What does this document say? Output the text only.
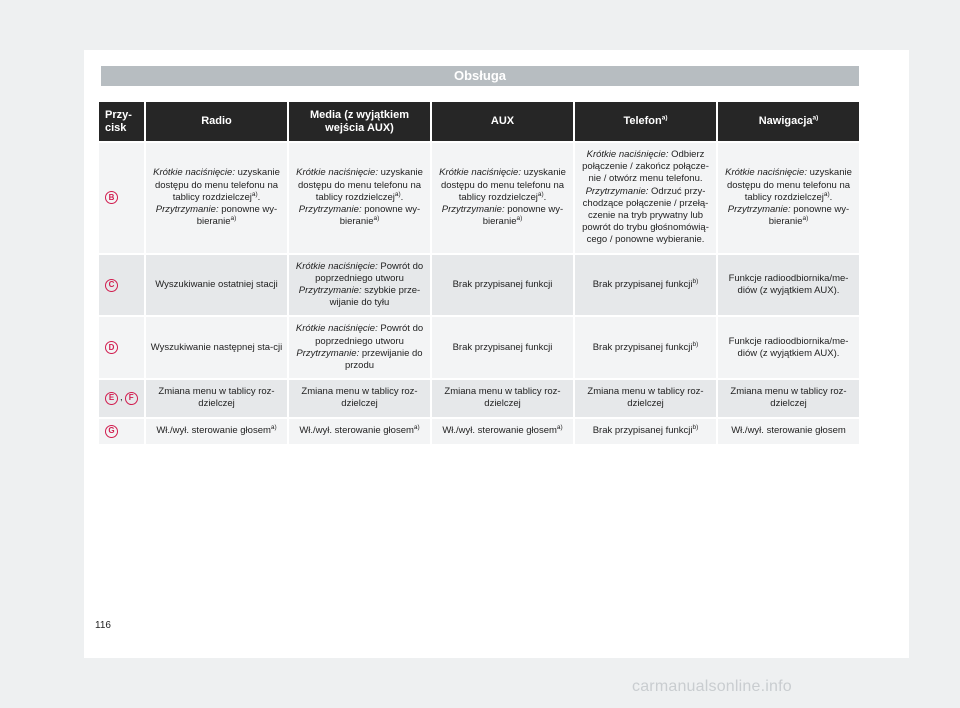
Obsługa
Przy-
cisk	Radio	Media (z wyjątkiem wejścia AUX)	AUX	Telefon$^{a)}$	Nawigacja$^{a)}$
B	Krótkie naciśnięcie: uzyskanie dostępu do menu telefonu na tablicy rozdzielczej$^{a)}$.
Przytrzymanie: ponowne wy-bieranie$^{a)}$	Krótkie naciśnięcie: uzyskanie dostępu do menu telefonu na tablicy rozdzielczej$^{a)}$.
Przytrzymanie: ponowne wy-bieranie$^{a)}$	Krótkie naciśnięcie: uzyskanie dostępu do menu telefonu na tablicy rozdzielczej$^{a)}$.
Przytrzymanie: ponowne wy-bieranie$^{a)}$	Krótkie naciśnięcie: Odbierz połączenie / zakończ połącze-nie / otwórz menu telefonu.
Przytrzymanie: Odrzuć przy-chodzące połączenie / przełą-czenie na tryb prywatny lub powrót do trybu głośnomówią-cego / ponowne wybieranie.	Krótkie naciśnięcie: uzyskanie dostępu do menu telefonu na tablicy rozdzielczej$^{a)}$.
Przytrzymanie: ponowne wy-bieranie$^{a)}$
C	Wyszukiwanie ostatniej stacji	Krótkie naciśnięcie: Powrót do poprzedniego utworu
Przytrzymanie: szybkie prze-wijanie do tyłu	Brak przypisanej funkcji	Brak przypisanej funkcji$^{b)}$	Funkcje radioodbiornika/me-diów (z wyjątkiem AUX).
D	Wyszukiwanie następnej sta-cji	Krótkie naciśnięcie: Powrót do poprzedniego utworu
Przytrzymanie: przewijanie do przodu	Brak przypisanej funkcji	Brak przypisanej funkcji$^{b)}$	Funkcje radioodbiornika/me-diów (z wyjątkiem AUX).
E , F	Zmiana menu w tablicy roz-dzielczej	Zmiana menu w tablicy roz-dzielczej	Zmiana menu w tablicy roz-dzielczej	Zmiana menu w tablicy roz-dzielczej	Zmiana menu w tablicy roz-dzielczej
G	Wł./wył. sterowanie głosem$^{a)}$	Wł./wył. sterowanie głosem$^{a)}$	Wł./wył. sterowanie głosem$^{a)}$	Brak przypisanej funkcji$^{b)}$	Wł./wył. sterowanie głosem
116
carmanualsonline.info
